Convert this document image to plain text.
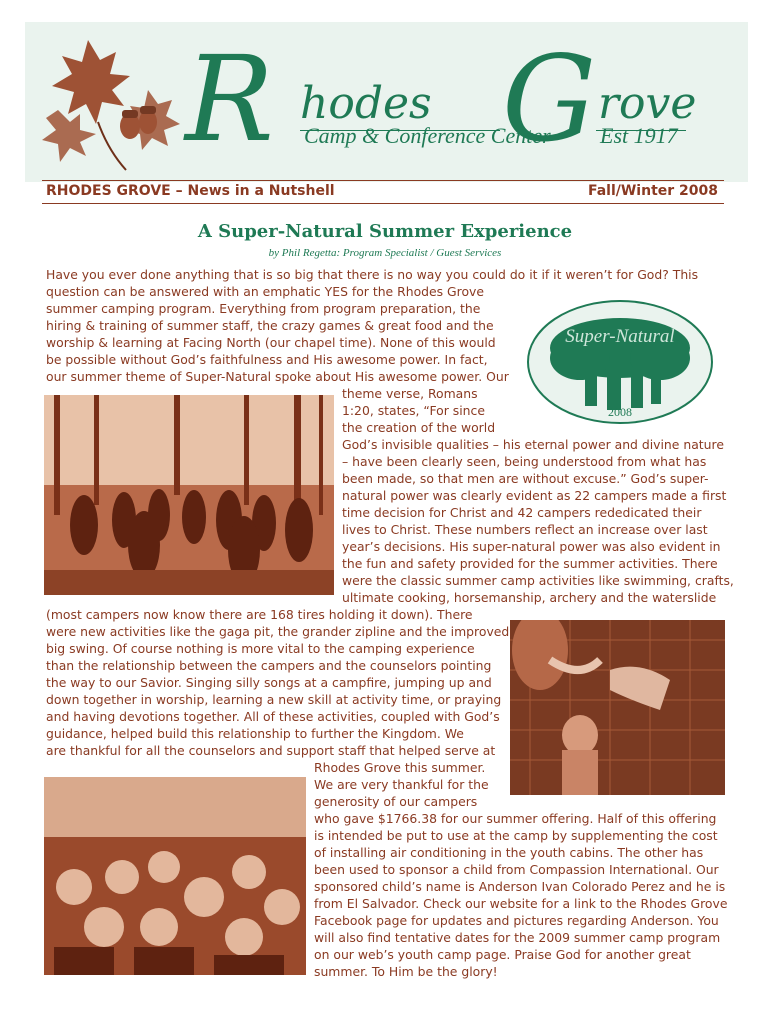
R hodes G rove
Camp & Conference Center Est 1917
RHODES GROVE – News in a Nutshell	Fall/Winter 2008
A Super-Natural Summer Experience
by Phil Regetta: Program Specialist / Guest Services
Have you ever done anything that is so big that there is no way you could do it if it weren’t for God? This
question can be answered with an emphatic YES for the Rhodes Grove
summer camping program. Everything from program preparation, the
hiring & training of summer staff, the crazy games & great food and the
worship & learning at Facing North (our chapel time). None of this would
be possible without God’s faithfulness and His awesome power. In fact,
our summer theme of Super-Natural spoke about His awesome power. Our
theme verse, Romans
1:20, states, “For since
the creation of the world
God’s invisible qualities – his eternal power and divine nature
– have been clearly seen, being understood from what has
been made, so that men are without excuse.” God’s super-
natural power was clearly evident as 22 campers made a first
time decision for Christ and 42 campers rededicated their
lives to Christ. These numbers reflect an increase over last
year’s decisions. His super-natural power was also evident in
the fun and safety provided for the summer activities. There
were the classic summer camp activities like swimming, crafts,
ultimate cooking, horsemanship, archery and the waterslide
(most campers now know there are 168 tires holding it down). There
were new activities like the gaga pit, the grander zipline and the improved
big swing. Of course nothing is more vital to the camping experience
than the relationship between the campers and the counselors pointing
the way to our Savior. Singing silly songs at a campfire, jumping up and
down together in worship, learning a new skill at activity time, or praying
and having devotions together. All of these activities, coupled with God’s
guidance, helped build this relationship to further the Kingdom. We
are thankful for all the counselors and support staff that helped serve at
Rhodes Grove this summer.
We are very thankful for the
generosity of our campers
who gave $1766.38 for our summer offering. Half of this offering
is intended be put to use at the camp by supplementing the cost
of installing air conditioning in the youth cabins. The other has
been used to sponsor a child from Compassion International. Our
sponsored child’s name is Anderson Ivan Colorado Perez and he is
from El Salvador. Check our website for a link to the Rhodes Grove
Facebook page for updates and pictures regarding Anderson. You
will also find tentative dates for the 2009 summer camp program
on our web’s youth camp page. Praise God for another great
summer. To Him be the glory!
Super-Natural
2008
